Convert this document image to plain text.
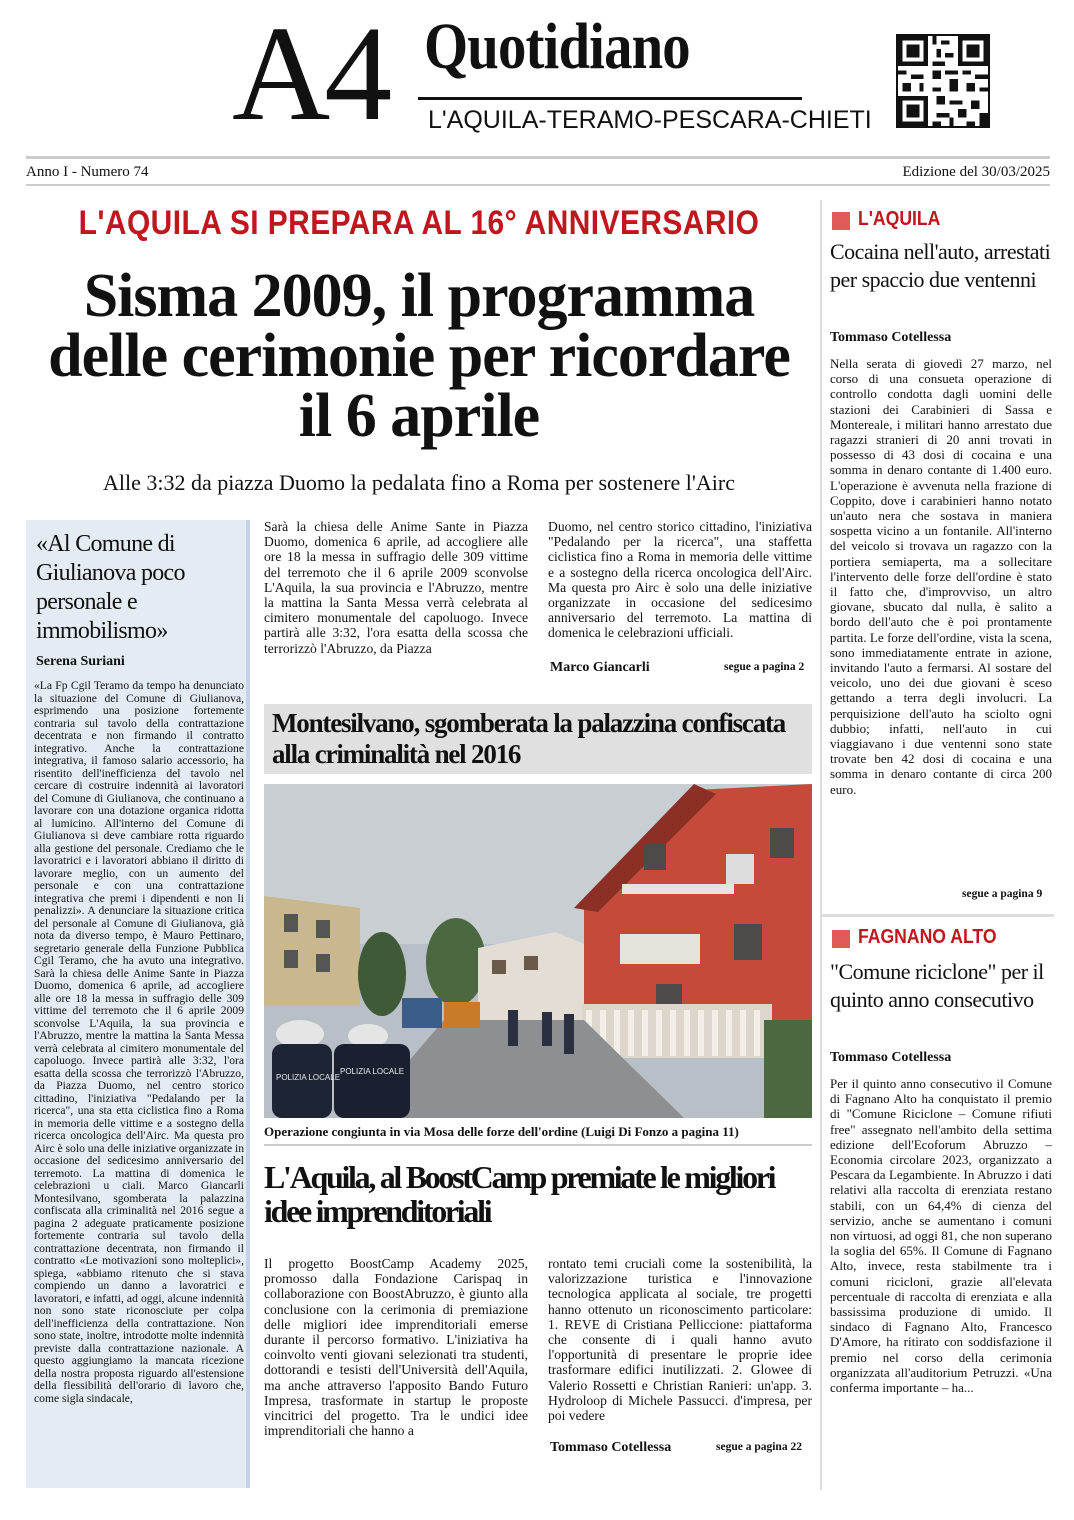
A4 Quotidiano
L'AQUILA-TERAMO-PESCARA-CHIETI
Anno I - Numero 74	Edizione del 30/03/2025
L'AQUILA SI PREPARA AL 16° ANNIVERSARIO
Sisma 2009, il programma delle cerimonie per ricordare il 6 aprile
Alle 3:32 da piazza Duomo la pedalata fino a Roma per sostenere l'Airc
Sarà la chiesa delle Anime Sante in Piazza Duomo, domenica 6 aprile, ad accogliere alle ore 18 la messa in suffragio delle 309 vittime del terremoto che il 6 aprile 2009 sconvolse L'Aquila, la sua provincia e l'Abruzzo, mentre la mattina la Santa Messa verrà celebrata al cimitero monumentale del capoluogo. Invece partirà alle 3:32, l'ora esatta della scossa che terrorizzò l'Abruzzo, da Piazza
Duomo, nel centro storico cittadino, l'iniziativa "Pedalando per la ricerca", una staffetta ciclistica fino a Roma in memoria delle vittime e a sostegno della ricerca oncologica dell'Airc. Ma questa pro Airc è solo una delle iniziative organizzate in occasione del sedicesimo anniversario del terremoto. La mattina di domenica le celebrazioni ufficiali.
Marco Giancarli	segue a pagina 2
«Al Comune di Giulianova poco personale e immobilismo»
Serena Suriani
«La Fp Cgil Teramo da tempo ha denunciato la situazione del Comune di Giulianova, esprimendo una posizione fortemente contraria sul tavolo della contrattazione decentrata e non firmando il contratto integrativo. Anche la contrattazione integrativa, il famoso salario accessorio, ha risentito dell'inefficienza del tavolo nel cercare di costruire indennità ai lavoratori del Comune di Giulianova, che continuano a lavorare con una dotazione organica ridotta al lumicino. All'interno del Comune di Giulianova si deve cambiare rotta riguardo alla gestione del personale. Crediamo che le lavoratrici e i lavoratori abbiano il diritto di lavorare meglio, con un aumento del personale e con una contrattazione integrativa che premi i dipendenti e non li penalizzi». A denunciare la situazione critica del personale al Comune di Giulianova, già nota da diverso tempo, è Mauro Pettinaro, segretario generale della Funzione Pubblica Cgil Teramo, che ha avuto una integrativo. Sarà la chiesa delle Anime Sante in Piazza Duomo, domenica 6 aprile, ad accogliere alle ore 18 la messa in suffragio delle 309 vittime del terremoto che il 6 aprile 2009 sconvolse L'Aquila, la sua provincia e l'Abruzzo, mentre la mattina la Santa Messa verrà celebrata al cimitero monumentale del capoluogo. Invece partirà alle 3:32, l'ora esatta della scossa che terrorizzò l'Abruzzo, da Piazza Duomo, nel centro storico cittadino, l'iniziativa "Pedalando per la ricerca", una sta etta ciclistica fino a Roma in memoria delle vittime e a sostegno della ricerca oncologica dell'Airc. Ma questa pro Airc è solo una delle iniziative organizzate in occasione del sedicesimo anniversario del terremoto. La mattina di domenica le celebrazioni u ciali. Marco Giancarli Montesilvano, sgomberata la palazzina confiscata alla criminalità nel 2016 segue a pagina 2 adeguate praticamente posizione fortemente contraria sul tavolo della contrattazione decentrata, non firmando il contratto «Le motivazioni sono molteplici», spiega, «abbiamo ritenuto che si stava compiendo un danno a lavoratrici e lavoratori, e infatti, ad oggi, alcune indennità non sono state riconosciute per colpa dell'inefficienza della contrattazione. Non sono state, inoltre, introdotte molte indennità previste dalla contrattazione nazionale. A questo aggiungiamo la mancata ricezione della nostra proposta riguardo all'estensione della flessibilità dell'orario di lavoro che, come sigla sindacale,
Montesilvano, sgomberata la palazzina confiscata alla criminalità nel 2016
POLIZIA LOCALE
POLIZIA LOCALE
Operazione congiunta in via Mosa delle forze dell'ordine (Luigi Di Fonzo a pagina 11)
L'Aquila, al BoostCamp premiate le migliori idee imprenditoriali
Il progetto BoostCamp Academy 2025, promosso dalla Fondazione Carispaq in collaborazione con BoostAbruzzo, è giunto alla conclusione con la cerimonia di premiazione delle migliori idee imprenditoriali emerse durante il percorso formativo. L'iniziativa ha coinvolto venti giovani selezionati tra studenti, dottorandi e tesisti dell'Università dell'Aquila, ma anche attraverso l'apposito Bando Futuro Impresa, trasformate in startup le proposte vincitrici del progetto. Tra le undici idee imprenditoriali che hanno a
rontato temi cruciali come la sostenibilità, la valorizzazione turistica e l'innovazione tecnologica applicata al sociale, tre progetti hanno ottenuto un riconoscimento particolare: 1. REVE di Cristiana Pelliccione: piattaforma che consente di i quali hanno avuto l'opportunità di presentare le proprie idee trasformare edifici inutilizzati. 2. Glowee di Valerio Rossetti e Christian Ranieri: un'app. 3. Hydroloop di Michele Passucci. d'impresa, per poi vedere
Tommaso Cotellessa	segue a pagina 22
L'AQUILA
Cocaina nell'auto, arrestati per spaccio due ventenni
Tommaso Cotellessa
Nella serata di giovedì 27 marzo, nel corso di una consueta operazione di controllo condotta dagli uomini delle stazioni dei Carabinieri di Sassa e Montereale, i militari hanno arrestato due ragazzi stranieri di 20 anni trovati in possesso di 43 dosi di cocaina e una somma in denaro contante di 1.400 euro. L'operazione è avvenuta nella frazione di Coppito, dove i carabinieri hanno notato un'auto nera che sostava in maniera sospetta vicino a un fontanile. All'interno del veicolo si trovava un ragazzo con la portiera semiaperta, ma a sollecitare l'intervento delle forze dell'ordine è stato il fatto che, d'improvviso, un altro giovane, sbucato dal nulla, è salito a bordo dell'auto che è poi prontamente partita. Le forze dell'ordine, vista la scena, sono immediatamente entrate in azione, invitando l'auto a fermarsi. Al sostare del veicolo, uno dei due giovani è sceso gettando a terra degli involucri. La perquisizione dell'auto ha sciolto ogni dubbio; infatti, nell'auto in cui viaggiavano i due ventenni sono state trovate ben 42 dosi di cocaina e una somma in denaro contante di circa 200 euro.
segue a pagina 9
FAGNANO ALTO
"Comune riciclone" per il quinto anno consecutivo
Tommaso Cotellessa
Per il quinto anno consecutivo il Comune di Fagnano Alto ha conquistato il premio di "Comune Riciclone – Comune rifiuti free" assegnato nell'ambito della settima edizione dell'Ecoforum Abruzzo – Economia circolare 2023, organizzato a Pescara da Legambiente. In Abruzzo i dati relativi alla raccolta di erenziata restano stabili, con un 64,4% di cienza del servizio, anche se aumentano i comuni non virtuosi, ad oggi 81, che non superano la soglia del 65%. Il Comune di Fagnano Alto, invece, resta stabilmente tra i comuni ricicloni, grazie all'elevata percentuale di raccolta di erenziata e alla bassissima produzione di umido. Il sindaco di Fagnano Alto, Francesco D'Amore, ha ritirato con soddisfazione il premio nel corso della cerimonia organizzata all'auditorium Petruzzi. «Una conferma importante – ha...
